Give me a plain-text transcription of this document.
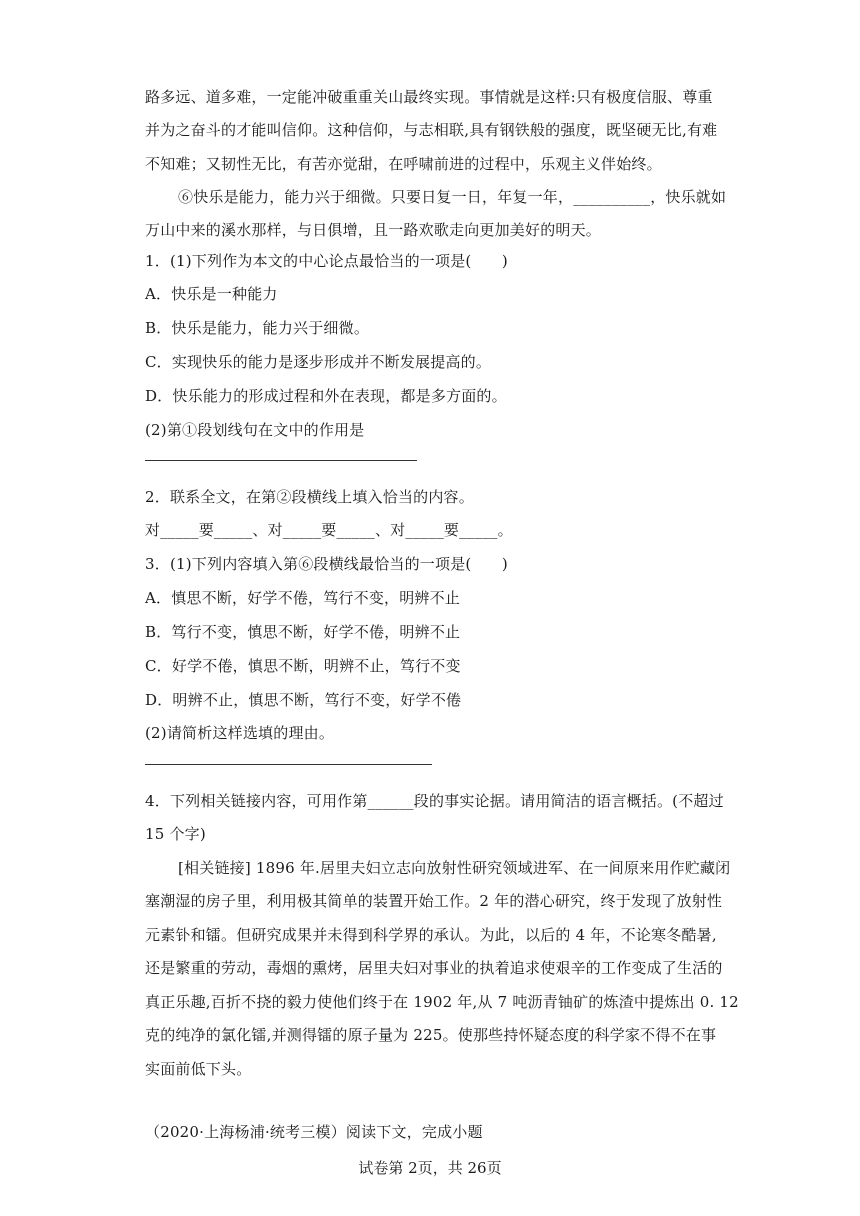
路多远、道多难，一定能冲破重重关山最终实现。事情就是这样:只有极度信服、尊重
并为之奋斗的才能叫信仰。这种信仰，与志相联,具有钢铁般的强度，既坚硬无比,有难
不知难；又韧性无比，有苦亦觉甜，在呼啸前进的过程中，乐观主义伴始终。
⑥快乐是能力，能力兴于细微。只要日复一日，年复一年，__________，快乐就如
万山中来的溪水那样，与日俱增，且一路欢歌走向更加美好的明天。
1．(1)下列作为本文的中心论点最恰当的一项是(　　)
A．快乐是一种能力
B．快乐是能力，能力兴于细微。
C．实现快乐的能力是逐步形成并不断发展提高的。
D．快乐能力的形成过程和外在表现，都是多方面的。
(2)第①段划线句在文中的作用是
2．联系全文，在第②段横线上填入恰当的内容。
对_____要_____、对_____要_____、对_____要_____。
3．(1)下列内容填入第⑥段横线最恰当的一项是(　　)
A．慎思不断，好学不倦，笃行不变，明辨不止
B．笃行不变，慎思不断，好学不倦，明辨不止
C．好学不倦，慎思不断，明辨不止，笃行不变
D．明辨不止，慎思不断，笃行不变，好学不倦
(2)请简析这样选填的理由。
4．下列相关链接内容，可用作第______段的事实论据。请用简洁的语言概括。(不超过
15 个字)
[相关链接] 1896 年.居里夫妇立志向放射性研究领域进军、在一间原来用作贮藏闭
塞潮湿的房子里，利用极其简单的装置开始工作。2 年的潜心研究，终于发现了放射性
元素钋和镭。但研究成果并未得到科学界的承认。为此，以后的 4 年，不论寒冬酷暑,
还是繁重的劳动，毒烟的熏烤，居里夫妇对事业的执着追求使艰辛的工作变成了生活的
真正乐趣,百折不挠的毅力使他们终于在 1902 年,从 7 吨沥青铀矿的炼渣中提炼出 0. 12
克的纯净的氯化镭,并测得镭的原子量为 225。使那些持怀疑态度的科学家不得不在事
实面前低下头。
（2020·上海杨浦·统考三模）阅读下文，完成小题
试卷第 2页，共 26页
